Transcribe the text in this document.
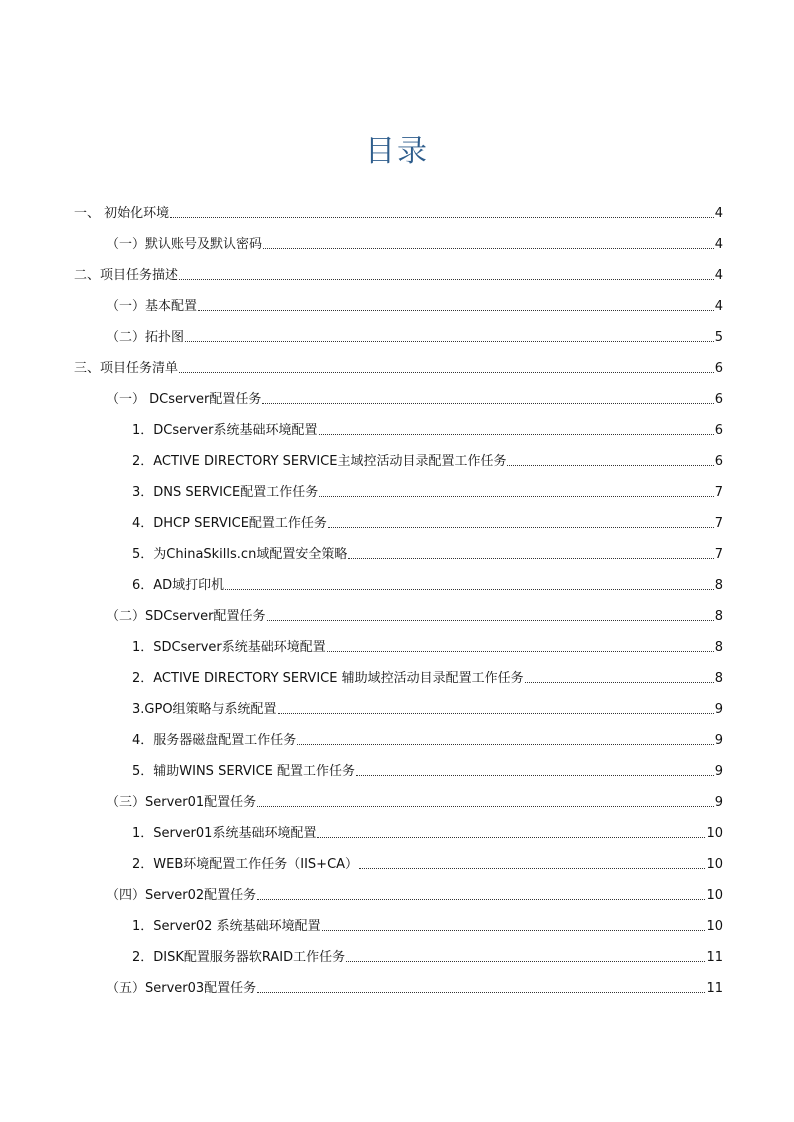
目录
一、 初始化环境	4
（一）默认账号及默认密码	4
二、项目任务描述	4
（一）基本配置	4
（二）拓扑图	5
三、项目任务清单	6
（一） DCserver配置任务	6
1．DCserver系统基础环境配置	6
2．ACTIVE DIRECTORY SERVICE主域控活动目录配置工作任务	6
3．DNS SERVICE配置工作任务	7
4．DHCP SERVICE配置工作任务	7
5．为ChinaSkills.cn域配置安全策略	7
6．AD域打印机	8
（二）SDCserver配置任务	8
1．SDCserver系统基础环境配置	8
2．ACTIVE DIRECTORY SERVICE 辅助域控活动目录配置工作任务	8
3.GPO组策略与系统配置	9
4．服务器磁盘配置工作任务	9
5．辅助WINS SERVICE 配置工作任务	9
（三）Server01配置任务	9
1．Server01系统基础环境配置	10
2．WEB环境配置工作任务（IIS+CA）	10
（四）Server02配置任务	10
1．Server02 系统基础环境配置	10
2．DISK配置服务器软RAID工作任务	11
（五）Server03配置任务	11
